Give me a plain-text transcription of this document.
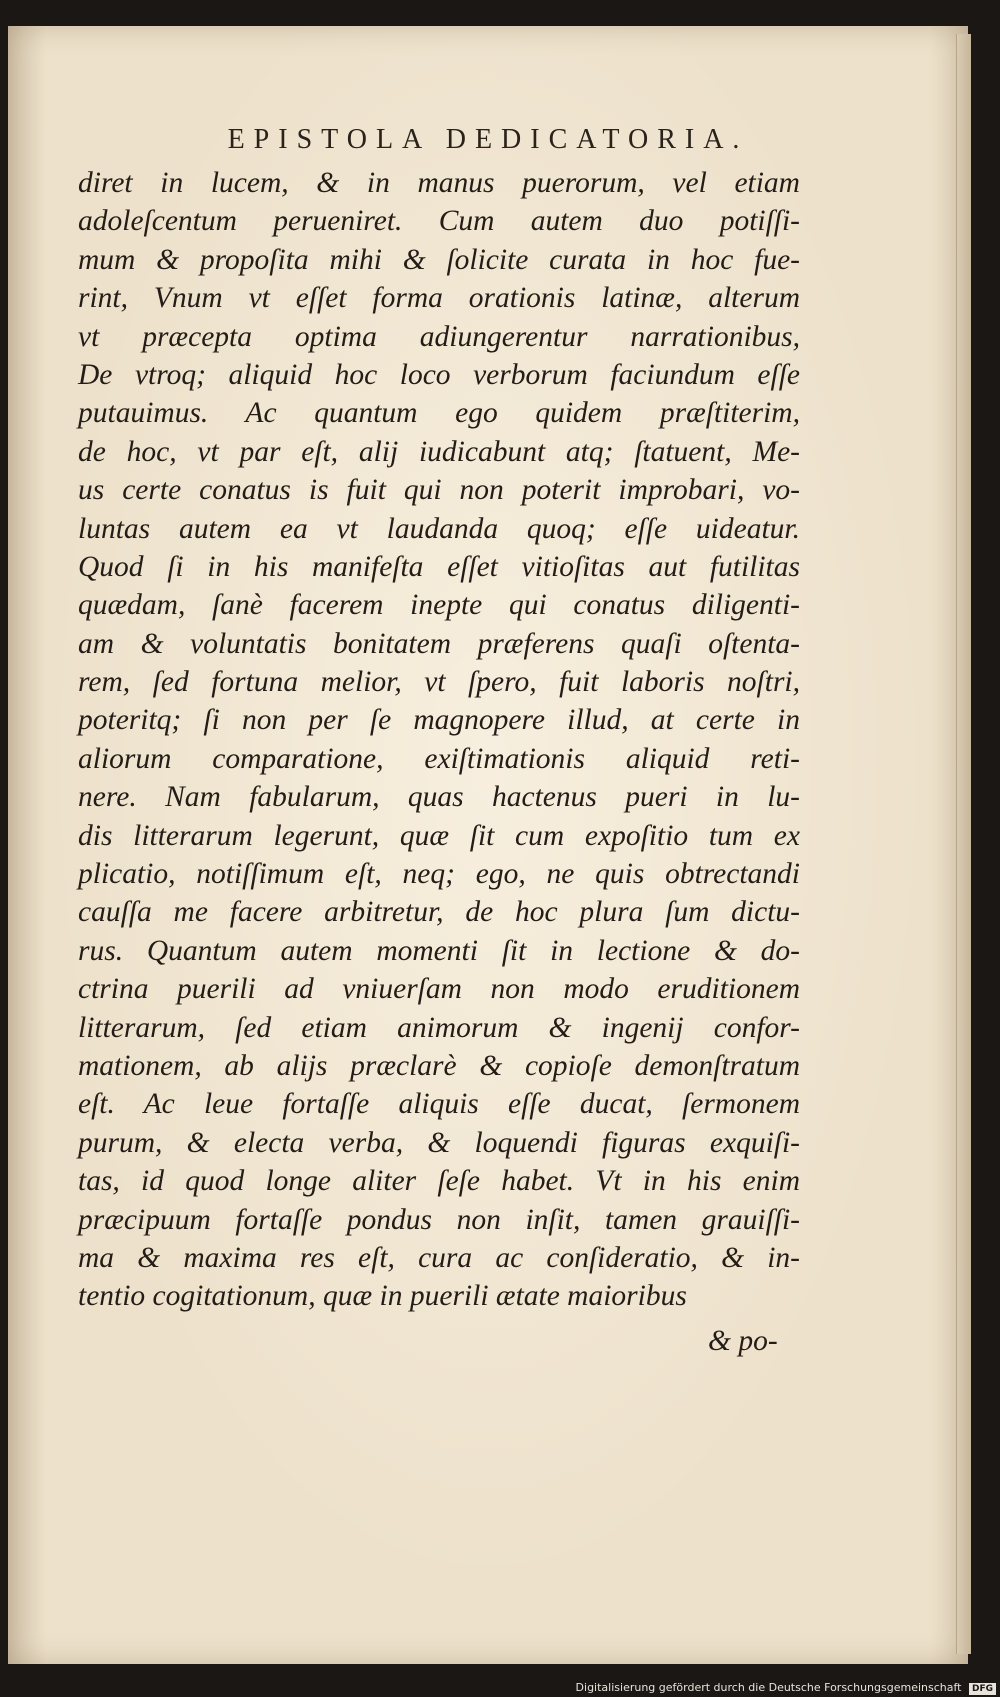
EPISTOLA DEDICATORIA.
diret in lucem, & in manus puerorum, vel etiam
adoleſcentum perueniret. Cum autem duo potiſſi-
mum & propoſita mihi & ſolicite curata in hoc fue-
rint, Vnum vt eſſet forma orationis latinæ, alterum
vt præcepta optima adiungerentur narrationibus,
De vtroq; aliquid hoc loco verborum faciundum eſſe
putauimus. Ac quantum ego quidem præſtiterim,
de hoc, vt par eſt, alij iudicabunt atq; ſtatuent, Me-
us certe conatus is fuit qui non poterit improbari, vo-
luntas autem ea vt laudanda quoq; eſſe uideatur.
Quod ſi in his manifeſta eſſet vitioſitas aut futilitas
quædam, ſanè facerem inepte qui conatus diligenti-
am & voluntatis bonitatem præferens quaſi oſtenta-
rem, ſed fortuna melior, vt ſpero, fuit laboris noſtri,
poteritq; ſi non per ſe magnopere illud, at certe in
aliorum comparatione, exiſtimationis aliquid reti-
nere. Nam fabularum, quas hactenus pueri in lu-
dis litterarum legerunt, quæ ſit cum expoſitio tum ex
plicatio, notiſſimum eſt, neq; ego, ne quis obtrectandi
cauſſa me facere arbitretur, de hoc plura ſum dictu-
rus. Quantum autem momenti ſit in lectione & do-
ctrina puerili ad vniuerſam non modo eruditionem
litterarum, ſed etiam animorum & ingenij confor-
mationem, ab alijs præclarè & copioſe demonſtratum
eſt. Ac leue fortaſſe aliquis eſſe ducat, ſermonem
purum, & electa verba, & loquendi figuras exquiſi-
tas, id quod longe aliter ſeſe habet. Vt in his enim
præcipuum fortaſſe pondus non inſit, tamen grauiſſi-
ma & maxima res eſt, cura ac conſideratio, & in-
tentio cogitationum, quæ in puerili ætate maioribus
& po-
Digitalisierung gefördert durch die Deutsche Forschungsgemeinschaft DFG
